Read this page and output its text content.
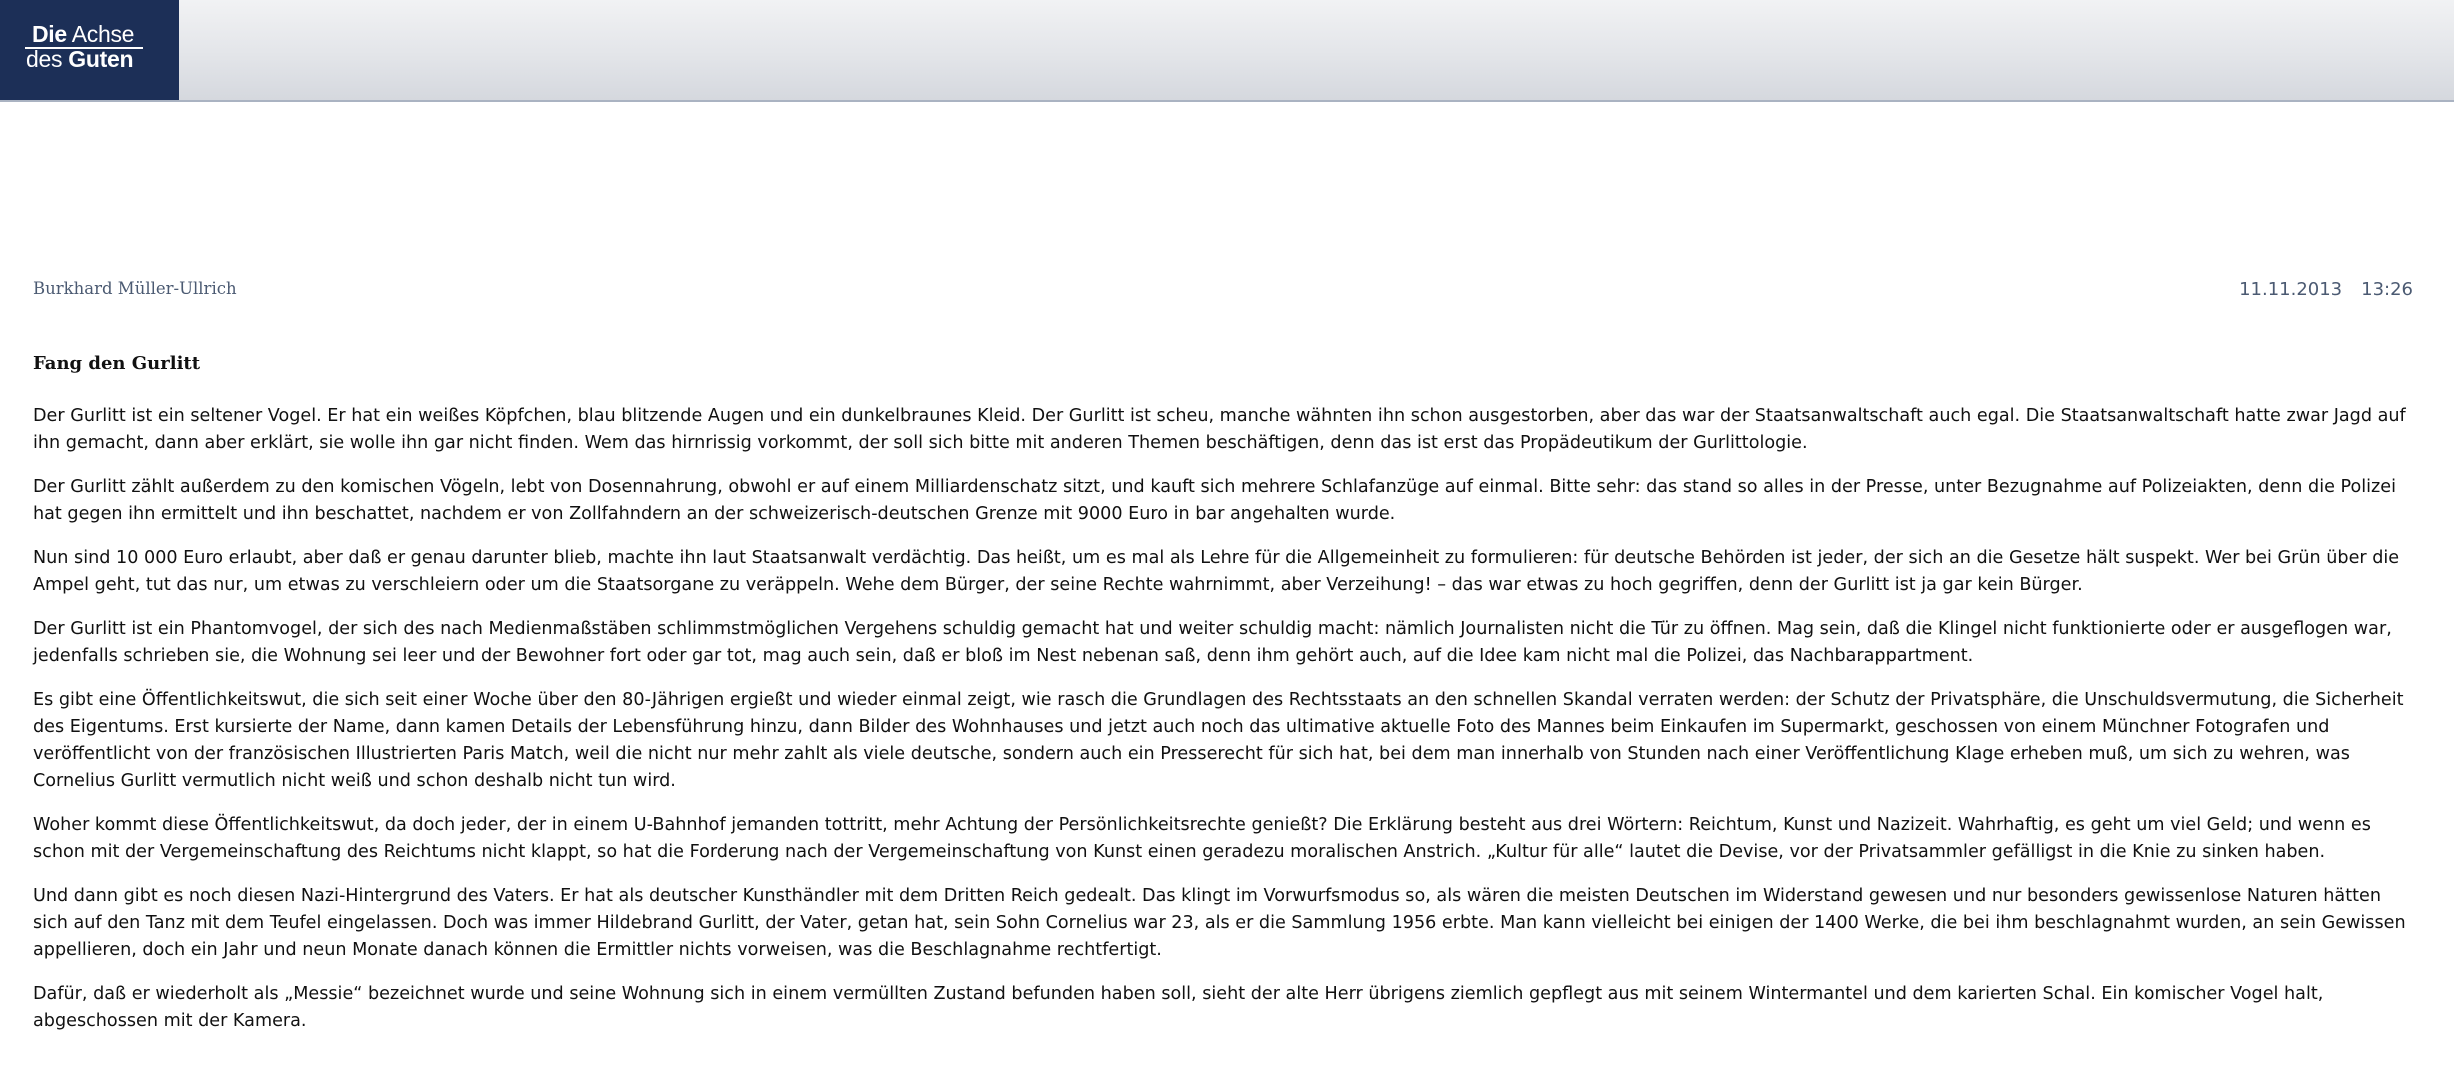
Die Achse
des Guten
Burkhard Müller-Ullrich	11.11.2013 13:26
Fang den Gurlitt

Der Gurlitt ist ein seltener Vogel. Er hat ein weißes Köpfchen, blau blitzende Augen und ein dunkelbraunes Kleid. Der Gurlitt ist scheu, manche wähnten ihn schon ausgestorben, aber das war der Staatsanwaltschaft auch egal. Die Staatsanwaltschaft hatte zwar Jagd auf ihn gemacht, dann aber erklärt, sie wolle ihn gar nicht finden. Wem das hirnrissig vorkommt, der soll sich bitte mit anderen Themen beschäftigen, denn das ist erst das Propädeutikum der Gurlittologie.

Der Gurlitt zählt außerdem zu den komischen Vögeln, lebt von Dosennahrung, obwohl er auf einem Milliardenschatz sitzt, und kauft sich mehrere Schlafanzüge auf einmal. Bitte sehr: das stand so alles in der Presse, unter Bezugnahme auf Polizeiakten, denn die Polizei hat gegen ihn ermittelt und ihn beschattet, nachdem er von Zollfahndern an der schweizerisch-deutschen Grenze mit 9000 Euro in bar angehalten wurde.

Nun sind 10 000 Euro erlaubt, aber daß er genau darunter blieb, machte ihn laut Staatsanwalt verdächtig. Das heißt, um es mal als Lehre für die Allgemeinheit zu formulieren: für deutsche Behörden ist jeder, der sich an die Gesetze hält suspekt. Wer bei Grün über die Ampel geht, tut das nur, um etwas zu verschleiern oder um die Staatsorgane zu veräppeln. Wehe dem Bürger, der seine Rechte wahrnimmt, aber Verzeihung! – das war etwas zu hoch gegriffen, denn der Gurlitt ist ja gar kein Bürger.

Der Gurlitt ist ein Phantomvogel, der sich des nach Medienmaßstäben schlimmstmöglichen Vergehens schuldig gemacht hat und weiter schuldig macht: nämlich Journalisten nicht die Tür zu öffnen. Mag sein, daß die Klingel nicht funktionierte oder er ausgeflogen war, jedenfalls schrieben sie, die Wohnung sei leer und der Bewohner fort oder gar tot, mag auch sein, daß er bloß im Nest nebenan saß, denn ihm gehört auch, auf die Idee kam nicht mal die Polizei, das Nachbarappartment.

Es gibt eine Öffentlichkeitswut, die sich seit einer Woche über den 80-Jährigen ergießt und wieder einmal zeigt, wie rasch die Grundlagen des Rechtsstaats an den schnellen Skandal verraten werden: der Schutz der Privatsphäre, die Unschuldsvermutung, die Sicherheit des Eigentums. Erst kursierte der Name, dann kamen Details der Lebensführung hinzu, dann Bilder des Wohnhauses und jetzt auch noch das ultimative aktuelle Foto des Mannes beim Einkaufen im Supermarkt, geschossen von einem Münchner Fotografen und veröffentlicht von der französischen Illustrierten Paris Match, weil die nicht nur mehr zahlt als viele deutsche, sondern auch ein Presserecht für sich hat, bei dem man innerhalb von Stunden nach einer Veröffentlichung Klage erheben muß, um sich zu wehren, was Cornelius Gurlitt vermutlich nicht weiß und schon deshalb nicht tun wird.

Woher kommt diese Öffentlichkeitswut, da doch jeder, der in einem U-Bahnhof jemanden tottritt, mehr Achtung der Persönlichkeitsrechte genießt? Die Erklärung besteht aus drei Wörtern: Reichtum, Kunst und Nazizeit. Wahrhaftig, es geht um viel Geld; und wenn es schon mit der Vergemeinschaftung des Reichtums nicht klappt, so hat die Forderung nach der Vergemeinschaftung von Kunst einen geradezu moralischen Anstrich. „Kultur für alle“ lautet die Devise, vor der Privatsammler gefälligst in die Knie zu sinken haben.

Und dann gibt es noch diesen Nazi-Hintergrund des Vaters. Er hat als deutscher Kunsthändler mit dem Dritten Reich gedealt. Das klingt im Vorwurfsmodus so, als wären die meisten Deutschen im Widerstand gewesen und nur besonders gewissenlose Naturen hätten sich auf den Tanz mit dem Teufel eingelassen. Doch was immer Hildebrand Gurlitt, der Vater, getan hat, sein Sohn Cornelius war 23, als er die Sammlung 1956 erbte. Man kann vielleicht bei einigen der 1400 Werke, die bei ihm beschlagnahmt wurden, an sein Gewissen appellieren, doch ein Jahr und neun Monate danach können die Ermittler nichts vorweisen, was die Beschlagnahme rechtfertigt.

Dafür, daß er wiederholt als „Messie“ bezeichnet wurde und seine Wohnung sich in einem vermüllten Zustand befunden haben soll, sieht der alte Herr übrigens ziemlich gepflegt aus mit seinem Wintermantel und dem karierten Schal. Ein komischer Vogel halt, abgeschossen mit der Kamera.
